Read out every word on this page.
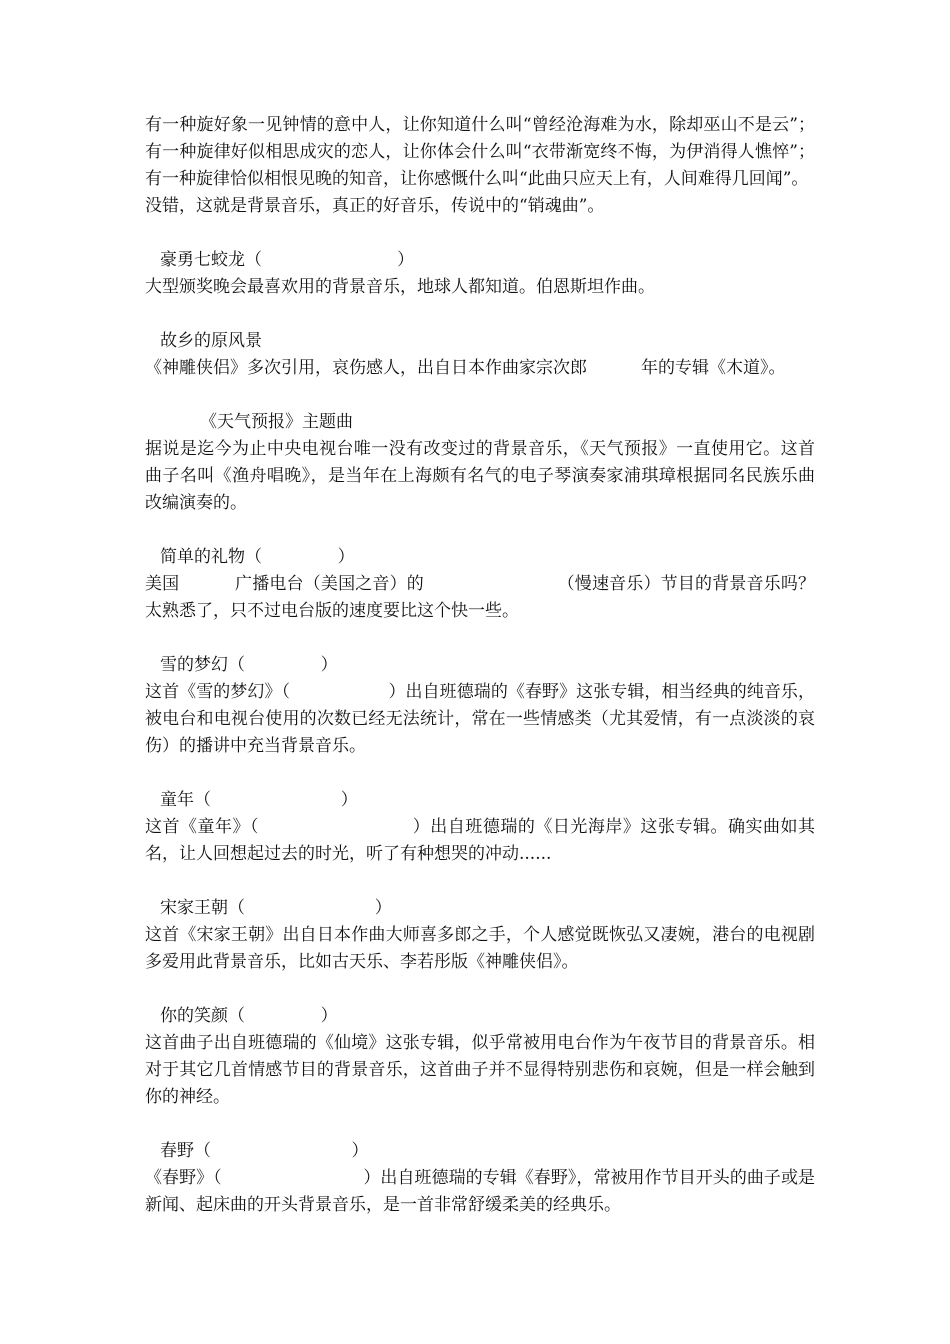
有一种旋好象一见钟情的意中人，让你知道什么叫“曾经沧海难为水，除却巫山不是云”；有一种旋律好似相思成灾的恋人，让你体会什么叫“衣带渐宽终不悔，为伊消得人憔悴”；有一种旋律恰似相恨见晚的知音，让你感慨什么叫“此曲只应天上有，人间难得几回闻”。

没错，这就是背景音乐，真正的好音乐，传说中的“销魂曲”。

豪勇七蛟龙（                         ）

大型颁奖晚会最喜欢用的背景音乐，地球人都知道。伯恩斯坦作曲。

故乡的原风景

《神雕侠侣》多次引用，哀伤感人，出自日本作曲家宗次郎          年的专辑《木道》。

《天气预报》主题曲

据说是迄今为止中央电视台唯一没有改变过的背景音乐，《天气预报》一直使用它。这首曲子名叫《渔舟唱晚》，是当年在上海颇有名气的电子琴演奏家浦琪璋根据同名民族乐曲改编演奏的。

简单的礼物（              ）

美国          广播电台（美国之音）的                        （慢速音乐）节目的背景音乐吗？太熟悉了，只不过电台版的速度要比这个快一些。

雪的梦幻（              ）

这首《雪的梦幻》（                  ）出自班德瑞的《春野》这张专辑，相当经典的纯音乐，被电台和电视台使用的次数已经无法统计，常在一些情感类（尤其爱情，有一点淡淡的哀伤）的播讲中充当背景音乐。

童年（                        ）

这首《童年》（                          ）出自班德瑞的《日光海岸》这张专辑。确实曲如其名，让人回想起过去的时光，听了有种想哭的冲动......

宋家王朝（                        ）

这首《宋家王朝》出自日本作曲大师喜多郎之手，个人感觉既恢弘又凄婉，港台的电视剧多爱用此背景音乐，比如古天乐、李若彤版《神雕侠侣》。

你的笑颜（              ）

这首曲子出自班德瑞的《仙境》这张专辑，似乎常被用电台作为午夜节目的背景音乐。相对于其它几首情感节目的背景音乐，这首曲子并不显得特别悲伤和哀婉，但是一样会触到你的神经。

春野（                          ）

《春野》（                          ）出自班德瑞的专辑《春野》，常被用作节目开头的曲子或是新闻、起床曲的开头背景音乐，是一首非常舒缓柔美的经典乐。
